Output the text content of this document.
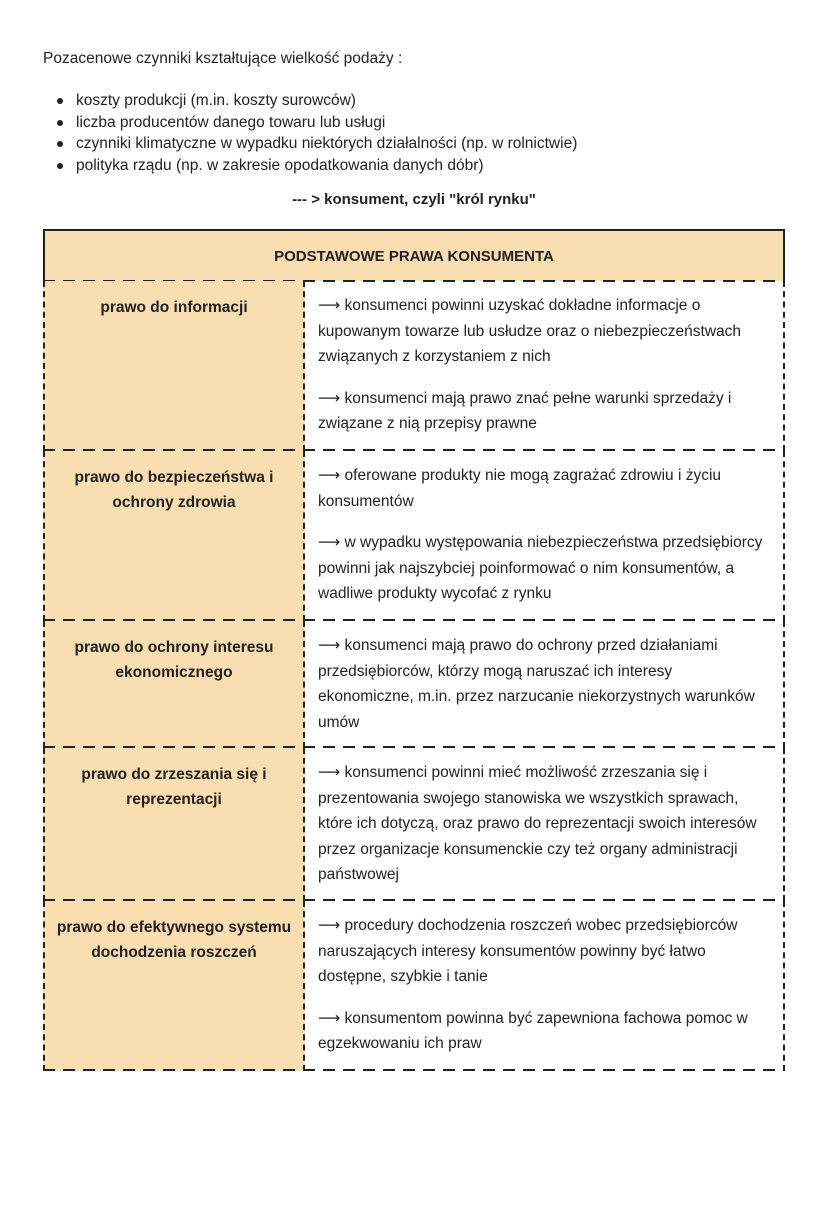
Pozacenowe czynniki kształtujące wielkość podaży :
koszty produkcji (m.in. koszty surowców)
liczba producentów danego towaru lub usługi
czynniki klimatyczne w wypadku niektórych działalności (np. w rolnictwie)
polityka rządu (np. w zakresie opodatkowania danych dóbr)
--- > konsument, czyli "król rynku"
PODSTAWOWE PRAWA KONSUMENTA
prawo do informacji	⟶ konsumenci powinni uzyskać dokładne informacje o kupowanym towarze lub usłudze oraz o niebezpieczeństwach związanych z korzystaniem z nich

⟶ konsumenci mają prawo znać pełne warunki sprzedaży i związane z nią przepisy prawne

prawo do bezpieczeństwa i ochrony zdrowia

⟶ oferowane produkty nie mogą zagrażać zdrowiu i życiu konsumentów

⟶ w wypadku występowania niebezpieczeństwa przedsiębiorcy powinni jak najszybciej poinformować o nim konsumentów, a wadliwe produkty wycofać z rynku

prawo do ochrony interesu ekonomicznego

⟶ konsumenci mają prawo do ochrony przed działaniami przedsiębiorców, którzy mogą naruszać ich interesy ekonomiczne, m.in. przez narzucanie niekorzystnych warunków umów

prawo do zrzeszania się i reprezentacji

⟶ konsumenci powinni mieć możliwość zrzeszania się i prezentowania swojego stanowiska we wszystkich sprawach, które ich dotyczą, oraz prawo do reprezentacji swoich interesów przez organizacje konsumenckie czy też organy administracji państwowej

prawo do efektywnego systemu dochodzenia roszczeń

⟶ procedury dochodzenia roszczeń wobec przedsiębiorców naruszających interesy konsumentów powinny być łatwo dostępne, szybkie i tanie

⟶ konsumentom powinna być zapewniona fachowa pomoc w egzekwowaniu ich praw
